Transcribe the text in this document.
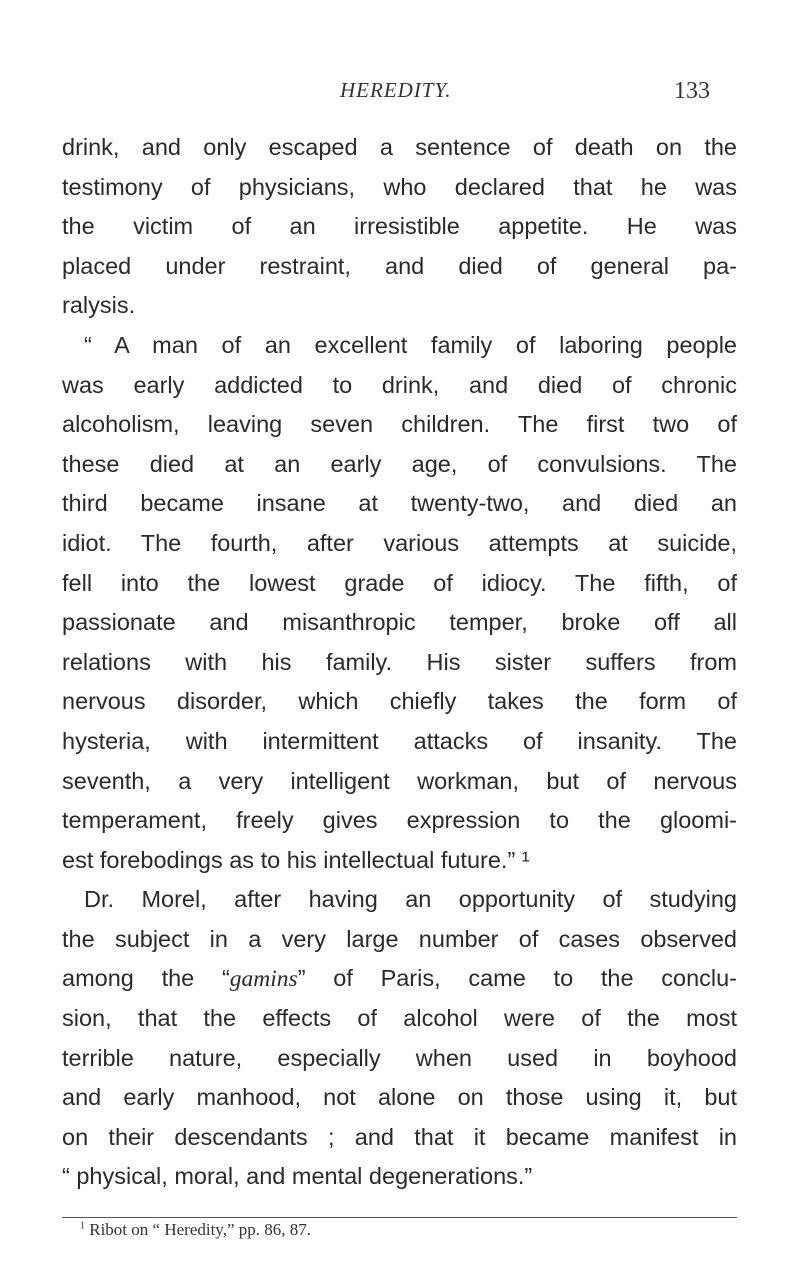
HEREDITY.	133
drink, and only escaped a sentence of death on the
testimony of physicians, who declared that he was
the victim of an irresistible appetite. He was
placed under restraint, and died of general pa-
ralysis.
“ A man of an excellent family of laboring people
was early addicted to drink, and died of chronic
alcoholism, leaving seven children. The first two of
these died at an early age, of convulsions. The
third became insane at twenty-two, and died an
idiot. The fourth, after various attempts at suicide,
fell into the lowest grade of idiocy. The fifth, of
passionate and misanthropic temper, broke off all
relations with his family. His sister suffers from
nervous disorder, which chiefly takes the form of
hysteria, with intermittent attacks of insanity. The
seventh, a very intelligent workman, but of nervous
temperament, freely gives expression to the gloomi-
est forebodings as to his intellectual future.” ¹
Dr. Morel, after having an opportunity of studying
the subject in a very large number of cases observed
among the “gamins” of Paris, came to the conclu-
sion, that the effects of alcohol were of the most
terrible nature, especially when used in boyhood
and early manhood, not alone on those using it, but
on their descendants ; and that it became manifest in
“ physical, moral, and mental degenerations.”
$^1$ Ribot on “ Heredity,” pp. 86, 87.
